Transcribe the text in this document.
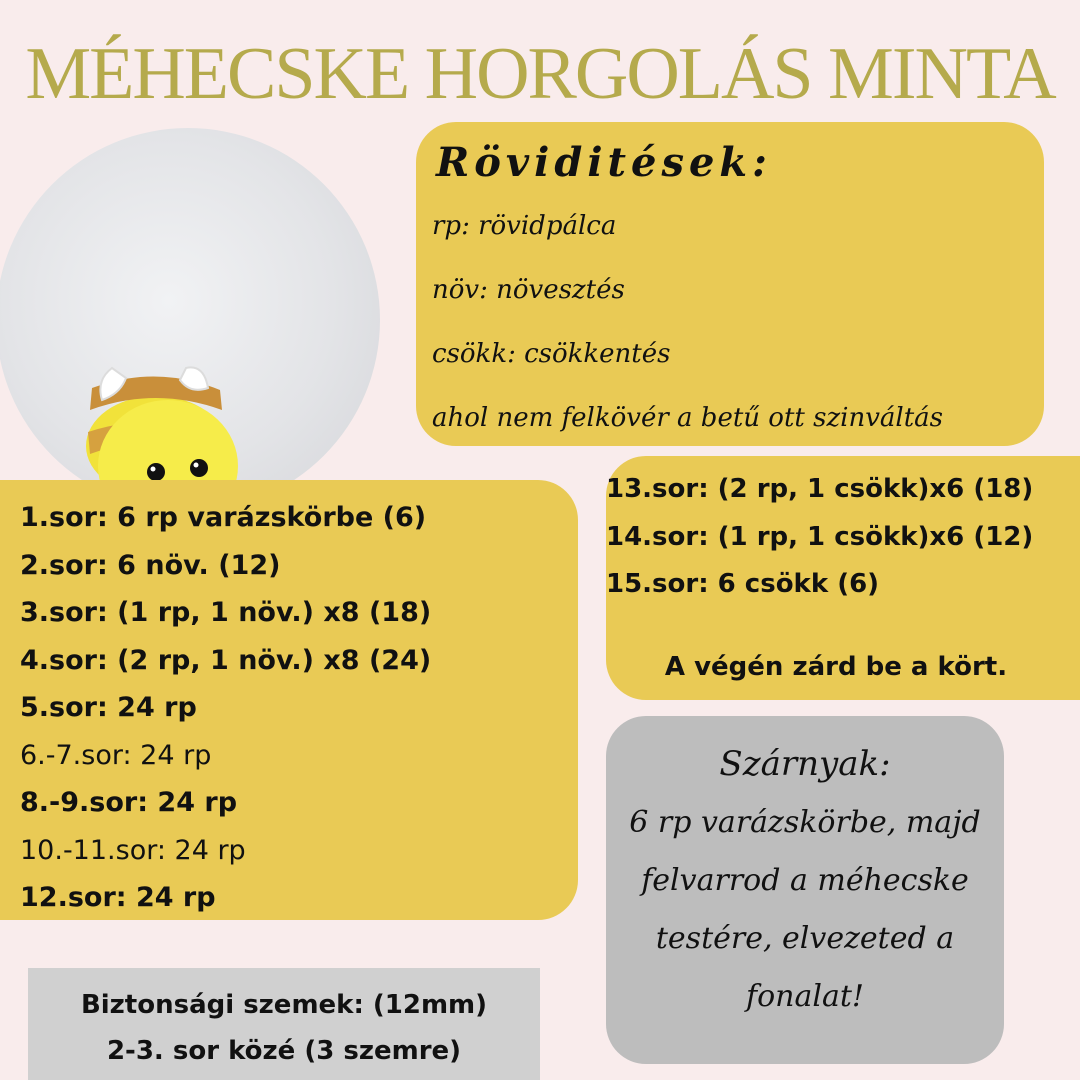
MÉHECSKE HORGOLÁS MINTA
Röviditések:
rp: rövidpálca
növ: növesztés
csökk: csökkentés
ahol nem felkövér a betű ott szinváltás
1.sor: 6 rp varázskörbe (6)
2.sor: 6 növ. (12)
3.sor: (1 rp, 1 növ.) x8 (18)
4.sor: (2 rp, 1 növ.) x8 (24)
5.sor: 24 rp
6.-7.sor: 24 rp
8.-9.sor: 24 rp
10.-11.sor: 24 rp
12.sor: 24 rp
13.sor: (2 rp, 1 csökk)x6 (18)
14.sor: (1 rp, 1 csökk)x6 (12)
15.sor: 6 csökk (6)
A végén zárd be a kört.
Szárnyak:
6 rp varázskörbe, majd
felvarrod a méhecske
testére, elvezeted a
fonalat!
Biztonsági szemek: (12mm)
2-3. sor közé (3 szemre)
